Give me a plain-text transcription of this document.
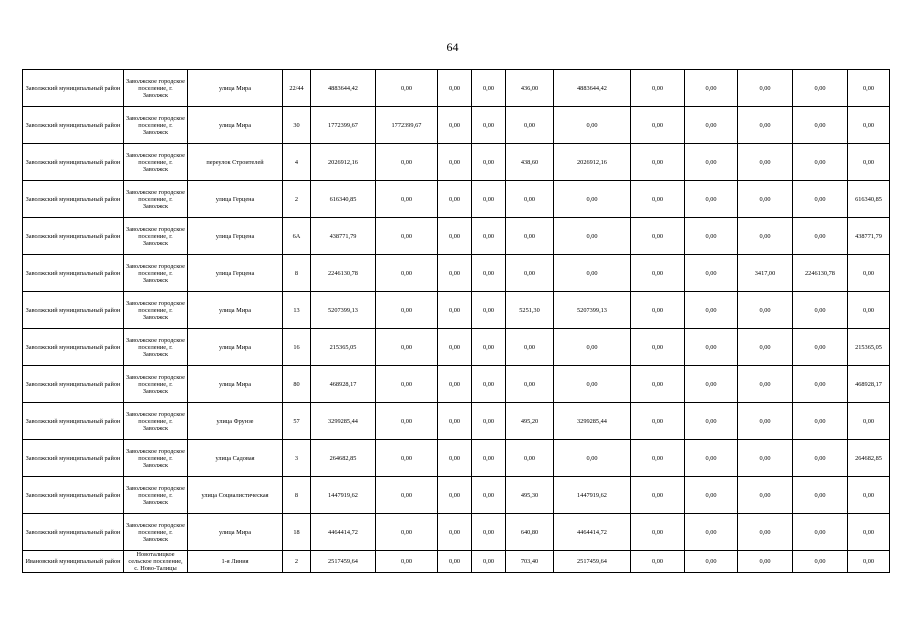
64
Заволжский муниципальный район	Заволжское городское поселение, г. Заволжск	улица Мира	22/44	4883644,42	0,00	0,00	0,00	436,00	4883644,42	0,00	0,00	0,00	0,00	0,00
Заволжский муниципальный район	Заволжское городское поселение, г. Заволжск	улица Мира	30	1772399,67	1772399,67	0,00	0,00	0,00	0,00	0,00	0,00	0,00	0,00	0,00
Заволжский муниципальный район	Заволжское городское поселение, г. Заволжск	переулок Строителей	4	2026912,16	0,00	0,00	0,00	438,60	2026912,16	0,00	0,00	0,00	0,00	0,00
Заволжский муниципальный район	Заволжское городское поселение, г. Заволжск	улица Герцена	2	616340,85	0,00	0,00	0,00	0,00	0,00	0,00	0,00	0,00	0,00	616340,85
Заволжский муниципальный район	Заволжское городское поселение, г. Заволжск	улица Герцена	6А	438771,79	0,00	0,00	0,00	0,00	0,00	0,00	0,00	0,00	0,00	438771,79
Заволжский муниципальный район	Заволжское городское поселение, г. Заволжск	улица Герцена	8	2246130,78	0,00	0,00	0,00	0,00	0,00	0,00	0,00	3417,00	2246130,78	0,00
Заволжский муниципальный район	Заволжское городское поселение, г. Заволжск	улица Мира	13	5207399,13	0,00	0,00	0,00	5251,30	5207399,13	0,00	0,00	0,00	0,00	0,00
Заволжский муниципальный район	Заволжское городское поселение, г. Заволжск	улица Мира	16	215365,05	0,00	0,00	0,00	0,00	0,00	0,00	0,00	0,00	0,00	215365,05
Заволжский муниципальный район	Заволжское городское поселение, г. Заволжск	улица Мира	80	468928,17	0,00	0,00	0,00	0,00	0,00	0,00	0,00	0,00	0,00	468928,17
Заволжский муниципальный район	Заволжское городское поселение, г. Заволжск	улица Фрунзе	57	3299285,44	0,00	0,00	0,00	495,20	3299285,44	0,00	0,00	0,00	0,00	0,00
Заволжский муниципальный район	Заволжское городское поселение, г. Заволжск	улица Садовая	3	264682,85	0,00	0,00	0,00	0,00	0,00	0,00	0,00	0,00	0,00	264682,85
Заволжский муниципальный район	Заволжское городское поселение, г. Заволжск	улица Социалистическая	8	1447919,62	0,00	0,00	0,00	495,30	1447919,62	0,00	0,00	0,00	0,00	0,00
Заволжский муниципальный район	Заволжское городское поселение, г. Заволжск	улица Мира	18	4464414,72	0,00	0,00	0,00	640,80	4464414,72	0,00	0,00	0,00	0,00	0,00
Ивановский муниципальный район	Новоталицкое сельское поселение, с. Ново-Талицы	1-я Линия	2	2517459,64	0,00	0,00	0,00	703,40	2517459,64	0,00	0,00	0,00	0,00	0,00
